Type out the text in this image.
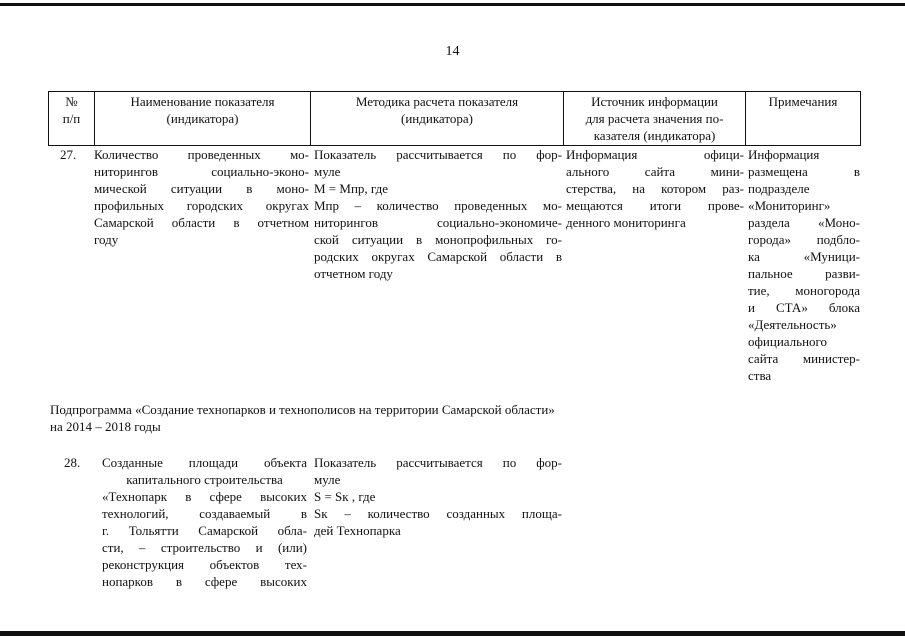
14
№
п/п
Наименование показателя
(индикатора)
Методика расчета показателя
(индикатора)
Источник информации
для расчета значения по-
казателя (индикатора)
Примечания
27. Количество проведенных мо-
ниторингов социально-эконо-
мической ситуации в моно-
профильных городских округах
Самарской области в отчетном
году
Показатель рассчитывается по фор-
муле
M = Mпр, где
Mпр – количество проведенных мо-
ниторингов социально-экономиче-
ской ситуации в монопрофильных го-
родских округах Самарской области в
отчетном году
Информация офици-
ального сайта мини-
стерства, на котором раз-
мещаются итоги прове-
денного мониторинга
Информация
размещена в
подразделе
«Мониторинг»
раздела «Моно-
города» подбло-
ка «Муници-
пальное разви-
тие, моногорода
и СТА» блока
«Деятельность»
официального
сайта министер-
ства
Подпрограмма «Создание технопарков и технополисов на территории Самарской области»
на 2014 – 2018 годы
28. Созданные площади объекта
капитального строительства
«Технопарк в сфере высоких
технологий, создаваемый в
г. Тольятти Самарской обла-
сти, – строительство и (или)
реконструкция объектов тех-
нопарков в сфере высоких
Показатель рассчитывается по фор-
муле
S = Sк , где
Sк – количество созданных площа-
дей Технопарка
